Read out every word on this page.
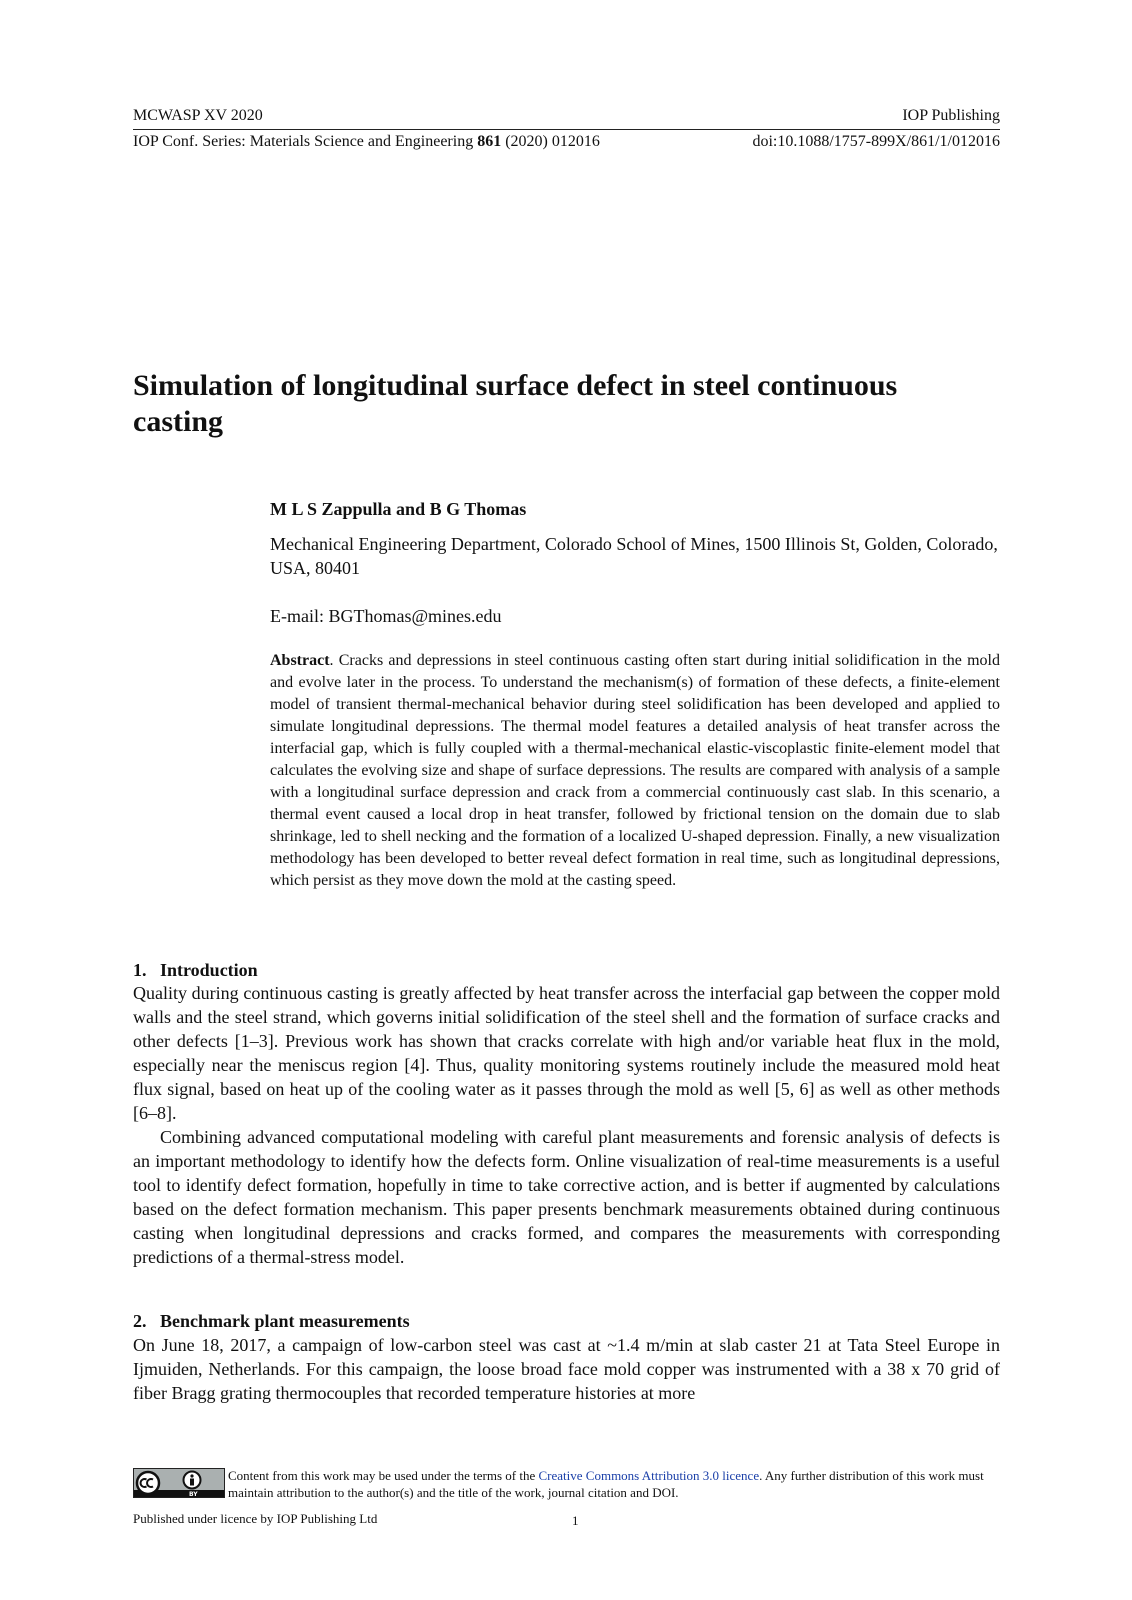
MCWASP XV 2020	IOP Publishing
IOP Conf. Series: Materials Science and Engineering 861 (2020) 012016	doi:10.1088/1757-899X/861/1/012016
Simulation of longitudinal surface defect in steel continuous casting
M L S Zappulla and B G Thomas
Mechanical Engineering Department, Colorado School of Mines, 1500 Illinois St, Golden, Colorado, USA, 80401
E-mail: BGThomas@mines.edu
Abstract. Cracks and depressions in steel continuous casting often start during initial solidification in the mold and evolve later in the process. To understand the mechanism(s) of formation of these defects, a finite-element model of transient thermal-mechanical behavior during steel solidification has been developed and applied to simulate longitudinal depressions. The thermal model features a detailed analysis of heat transfer across the interfacial gap, which is fully coupled with a thermal-mechanical elastic-viscoplastic finite-element model that calculates the evolving size and shape of surface depressions. The results are compared with analysis of a sample with a longitudinal surface depression and crack from a commercial continuously cast slab. In this scenario, a thermal event caused a local drop in heat transfer, followed by frictional tension on the domain due to slab shrinkage, led to shell necking and the formation of a localized U-shaped depression. Finally, a new visualization methodology has been developed to better reveal defect formation in real time, such as longitudinal depressions, which persist as they move down the mold at the casting speed.
1. Introduction
Quality during continuous casting is greatly affected by heat transfer across the interfacial gap between the copper mold walls and the steel strand, which governs initial solidification of the steel shell and the formation of surface cracks and other defects [1–3]. Previous work has shown that cracks correlate with high and/or variable heat flux in the mold, especially near the meniscus region [4]. Thus, quality monitoring systems routinely include the measured mold heat flux signal, based on heat up of the cooling water as it passes through the mold as well [5, 6] as well as other methods [6–8].
Combining advanced computational modeling with careful plant measurements and forensic analysis of defects is an important methodology to identify how the defects form. Online visualization of real-time measurements is a useful tool to identify defect formation, hopefully in time to take corrective action, and is better if augmented by calculations based on the defect formation mechanism. This paper presents benchmark measurements obtained during continuous casting when longitudinal depressions and cracks formed, and compares the measurements with corresponding predictions of a thermal-stress model.
2. Benchmark plant measurements
On June 18, 2017, a campaign of low-carbon steel was cast at ~1.4 m/min at slab caster 21 at Tata Steel Europe in Ijmuiden, Netherlands. For this campaign, the loose broad face mold copper was instrumented with a 38 x 70 grid of fiber Bragg grating thermocouples that recorded temperature histories at more
BY
Content from this work may be used under the terms of the Creative Commons Attribution 3.0 licence. Any further distribution of this work must maintain attribution to the author(s) and the title of the work, journal citation and DOI.
Published under licence by IOP Publishing Ltd	1
